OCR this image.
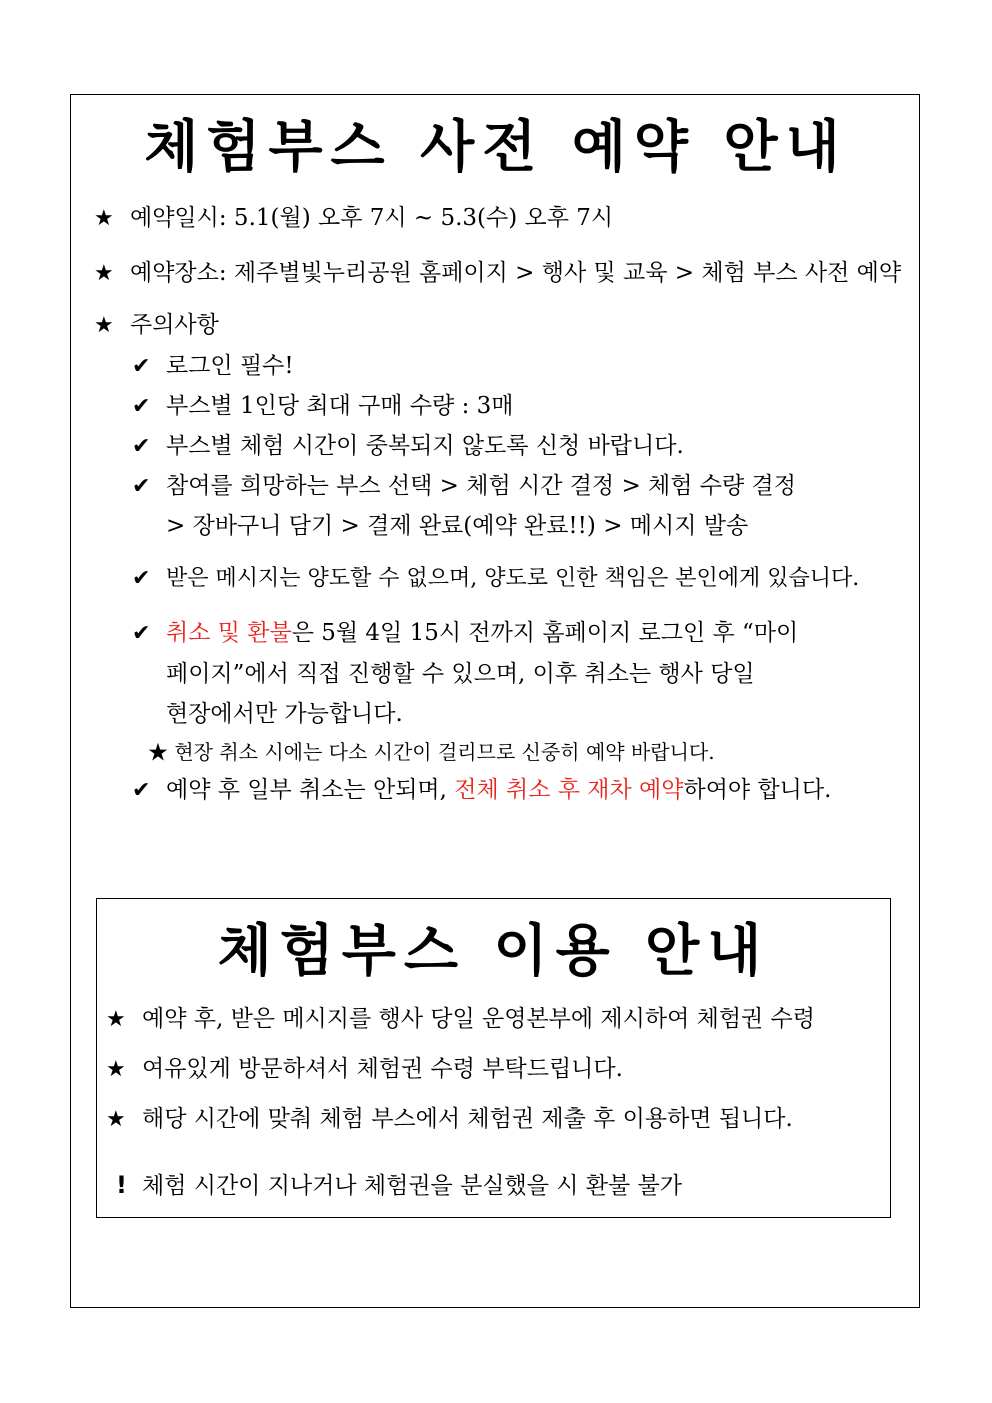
체험부스 사전 예약 안내
★ 예약일시: 5.1(월) 오후 7시 ~ 5.3(수) 오후 7시
★ 예약장소: 제주별빛누리공원 홈페이지 > 행사 및 교육 > 체험 부스 사전 예약
★ 주의사항
✔ 로그인 필수!
✔ 부스별 1인당 최대 구매 수량 : 3매
✔ 부스별 체험 시간이 중복되지 않도록 신청 바랍니다.
✔ 참여를 희망하는 부스 선택 > 체험 시간 결정 > 체험 수량 결정
> 장바구니 담기 > 결제 완료(예약 완료!!) > 메시지 발송
✔ 받은 메시지는 양도할 수 없으며, 양도로 인한 책임은 본인에게 있습니다.
✔ 취소 및 환불은 5월 4일 15시 전까지 홈페이지 로그인 후 “마이
페이지”에서 직접 진행할 수 있으며, 이후 취소는 행사 당일
현장에서만 가능합니다.
★ 현장 취소 시에는 다소 시간이 걸리므로 신중히 예약 바랍니다.
✔ 예약 후 일부 취소는 안되며, 전체 취소 후 재차 예약하여야 합니다.
체험부스 이용 안내
★ 예약 후, 받은 메시지를 행사 당일 운영본부에 제시하여 체험권 수령
★ 여유있게 방문하셔서 체험권 수령 부탁드립니다.
★ 해당 시간에 맞춰 체험 부스에서 체험권 제출 후 이용하면 됩니다.
! 체험 시간이 지나거나 체험권을 분실했을 시 환불 불가
